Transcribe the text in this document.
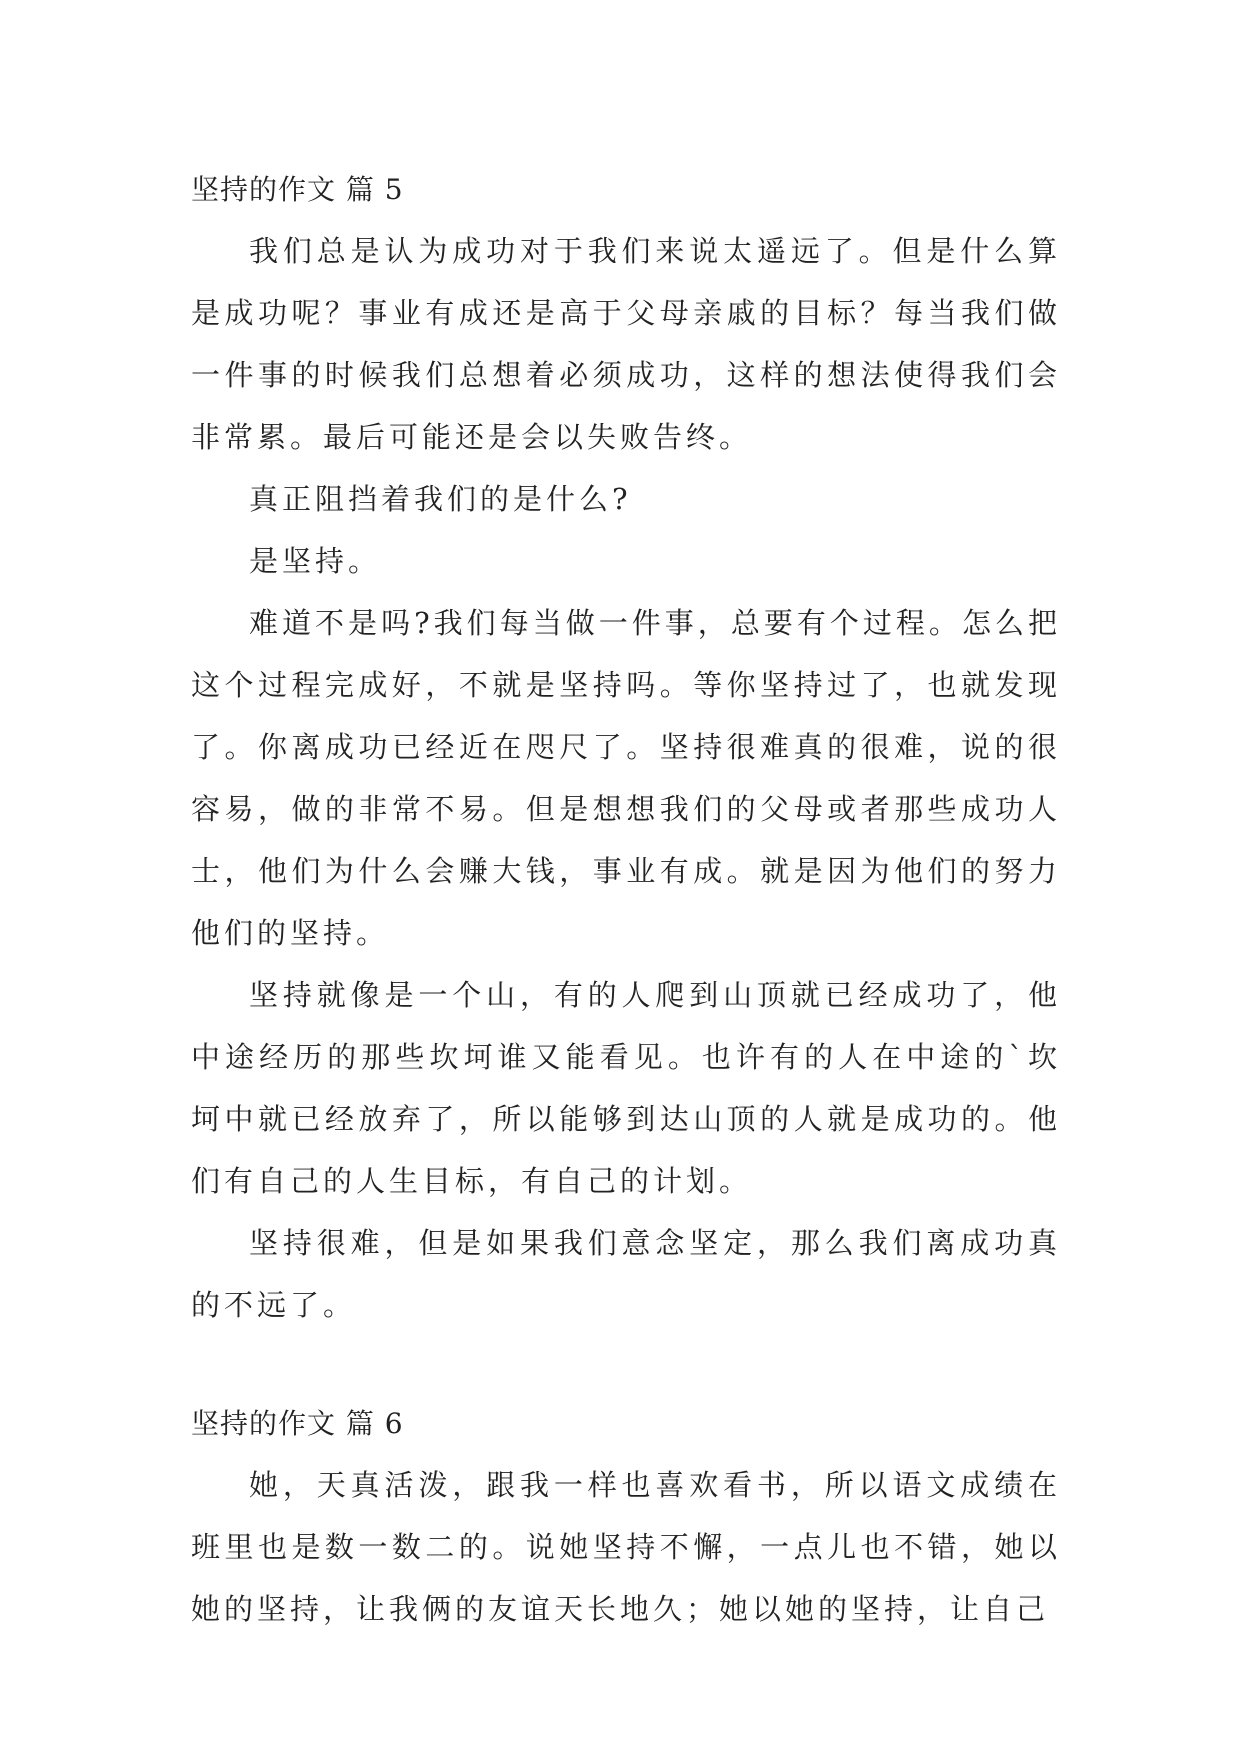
坚持的作文 篇 5

我们总是认为成功对于我们来说太遥远了。但是什么算是成功呢？事业有成还是高于父母亲戚的目标？每当我们做一件事的时候我们总想着必须成功，这样的想法使得我们会非常累。最后可能还是会以失败告终。

真正阻挡着我们的是什么?

是坚持。

难道不是吗?我们每当做一件事，总要有个过程。怎么把这个过程完成好，不就是坚持吗。等你坚持过了，也就发现了。你离成功已经近在咫尺了。坚持很难真的很难，说的很容易，做的非常不易。但是想想我们的父母或者那些成功人士，他们为什么会赚大钱，事业有成。就是因为他们的努力他们的坚持。

坚持就像是一个山，有的人爬到山顶就已经成功了，他中途经历的那些坎坷谁又能看见。也许有的人在中途的`坎坷中就已经放弃了，所以能够到达山顶的人就是成功的。他们有自己的人生目标，有自己的计划。

坚持很难，但是如果我们意念坚定，那么我们离成功真的不远了。

坚持的作文 篇 6

她，天真活泼，跟我一样也喜欢看书，所以语文成绩在班里也是数一数二的。说她坚持不懈，一点儿也不错，她以她的坚持，让我俩的友谊天长地久；她以她的坚持，让自己
